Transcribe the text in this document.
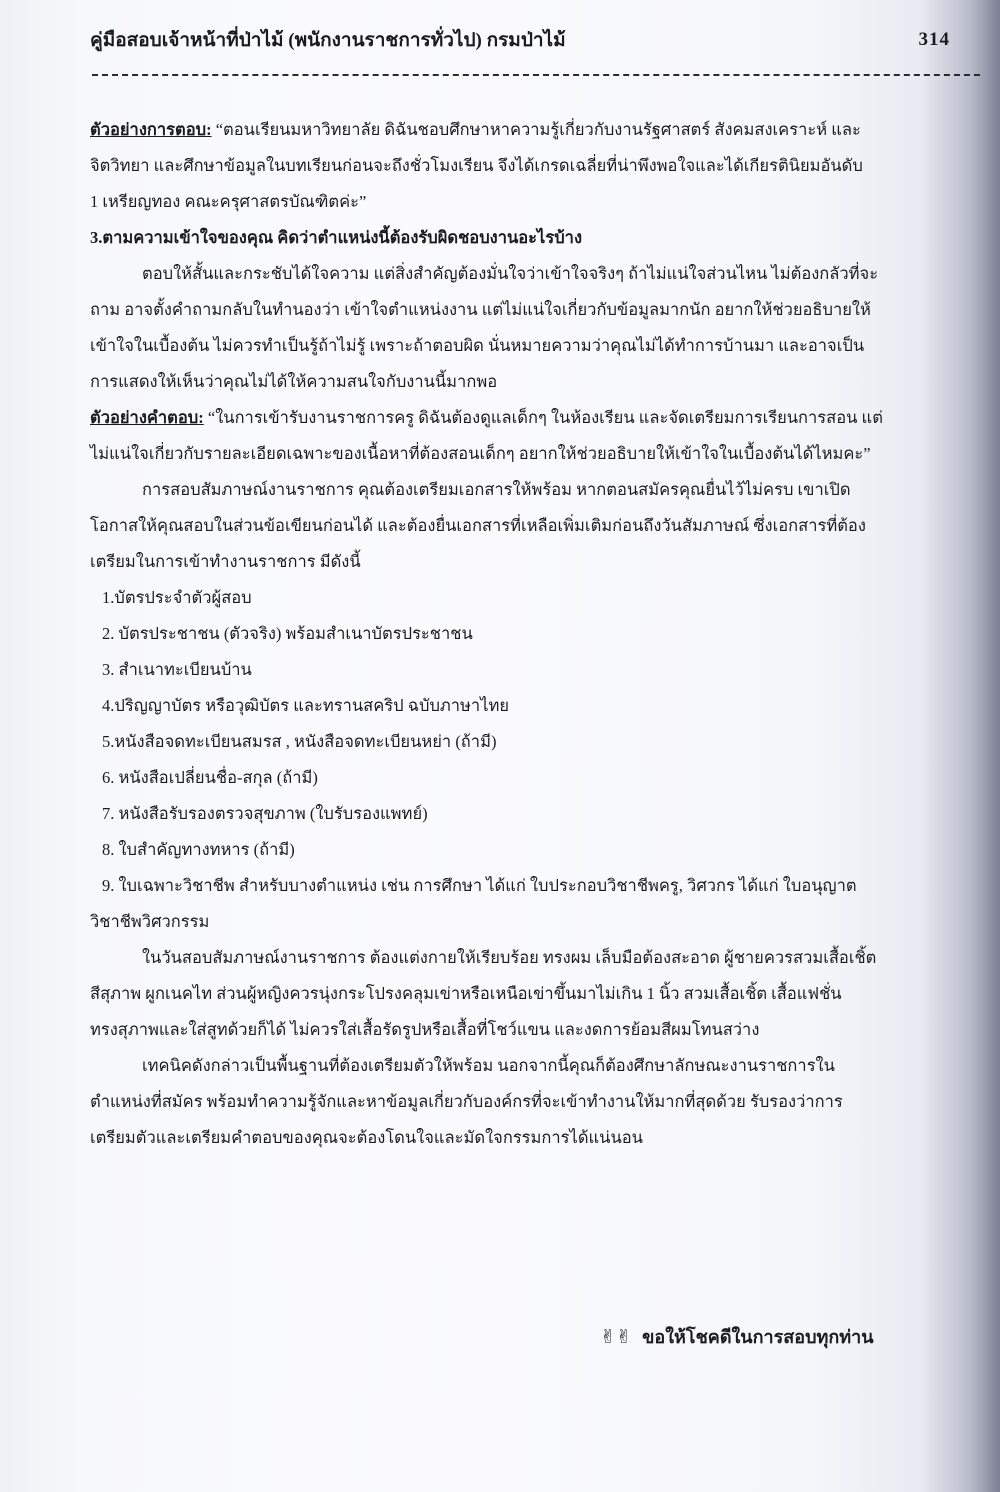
คู่มือสอบเจ้าหน้าที่ป่าไม้ (พนักงานราชการทั่วไป) กรมป่าไม้	314
ตัวอย่างการตอบ: “ตอนเรียนมหาวิทยาลัย ดิฉันชอบศึกษาหาความรู้เกี่ยวกับงานรัฐศาสตร์ สังคมสงเคราะห์ และ
จิตวิทยา และศึกษาข้อมูลในบทเรียนก่อนจะถึงชั่วโมงเรียน จึงได้เกรดเฉลี่ยที่น่าพึงพอใจและได้เกียรตินิยมอันดับ
1 เหรียญทอง คณะครุศาสตรบัณฑิตค่ะ”
3.ตามความเข้าใจของคุณ คิดว่าตำแหน่งนี้ต้องรับผิดชอบงานอะไรบ้าง
ตอบให้สั้นและกระชับได้ใจความ แต่สิ่งสำคัญต้องมั่นใจว่าเข้าใจจริงๆ ถ้าไม่แน่ใจส่วนไหน ไม่ต้องกลัวที่จะ
ถาม อาจตั้งคำถามกลับในทำนองว่า เข้าใจตำแหน่งงาน แต่ไม่แน่ใจเกี่ยวกับข้อมูลมากนัก อยากให้ช่วยอธิบายให้
เข้าใจในเบื้องต้น ไม่ควรทำเป็นรู้ถ้าไม่รู้ เพราะถ้าตอบผิด นั่นหมายความว่าคุณไม่ได้ทำการบ้านมา และอาจเป็น
การแสดงให้เห็นว่าคุณไม่ได้ให้ความสนใจกับงานนี้มากพอ
ตัวอย่างคำตอบ: “ในการเข้ารับงานราชการครู ดิฉันต้องดูแลเด็กๆ ในห้องเรียน และจัดเตรียมการเรียนการสอน แต่
ไม่แน่ใจเกี่ยวกับรายละเอียดเฉพาะของเนื้อหาที่ต้องสอนเด็กๆ อยากให้ช่วยอธิบายให้เข้าใจในเบื้องต้นได้ไหมคะ”
การสอบสัมภาษณ์งานราชการ คุณต้องเตรียมเอกสารให้พร้อม หากตอนสมัครคุณยื่นไว้ไม่ครบ เขาเปิด
โอกาสให้คุณสอบในส่วนข้อเขียนก่อนได้ และต้องยื่นเอกสารที่เหลือเพิ่มเติมก่อนถึงวันสัมภาษณ์ ซึ่งเอกสารที่ต้อง
เตรียมในการเข้าทำงานราชการ มีดังนี้
1.บัตรประจำตัวผู้สอบ
2. บัตรประชาชน (ตัวจริง) พร้อมสำเนาบัตรประชาชน
3. สำเนาทะเบียนบ้าน
4.ปริญญาบัตร หรือวุฒิบัตร และทรานสคริป ฉบับภาษาไทย
5.หนังสือจดทะเบียนสมรส , หนังสือจดทะเบียนหย่า (ถ้ามี)
6. หนังสือเปลี่ยนชื่อ-สกุล (ถ้ามี)
7. หนังสือรับรองตรวจสุขภาพ (ใบรับรองแพทย์)
8. ใบสำคัญทางทหาร (ถ้ามี)
9. ใบเฉพาะวิชาชีพ สำหรับบางตำแหน่ง เช่น การศึกษา ได้แก่ ใบประกอบวิชาชีพครู, วิศวกร ได้แก่ ใบอนุญาต
วิชาชีพวิศวกรรม
ในวันสอบสัมภาษณ์งานราชการ ต้องแต่งกายให้เรียบร้อย ทรงผม เล็บมือต้องสะอาด ผู้ชายควรสวมเสื้อเชิ้ต
สีสุภาพ ผูกเนคไท ส่วนผู้หญิงควรนุ่งกระโปรงคลุมเข่าหรือเหนือเข่าขึ้นมาไม่เกิน 1 นิ้ว สวมเสื้อเชิ้ต เสื้อแฟชั่น
ทรงสุภาพและใส่สูทด้วยก็ได้ ไม่ควรใส่เสื้อรัดรูปหรือเสื้อที่โชว์แขน และงดการย้อมสีผมโทนสว่าง
เทคนิคดังกล่าวเป็นพื้นฐานที่ต้องเตรียมตัวให้พร้อม นอกจากนี้คุณก็ต้องศึกษาลักษณะงานราชการใน
ตำแหน่งที่สมัคร พร้อมทำความรู้จักและหาข้อมูลเกี่ยวกับองค์กรที่จะเข้าทำงานให้มากที่สุดด้วย รับรองว่าการ
เตรียมตัวและเตรียมคำตอบของคุณจะต้องโดนใจและมัดใจกรรมการได้แน่นอน
✌✌ ขอให้โชคดีในการสอบทุกท่าน
